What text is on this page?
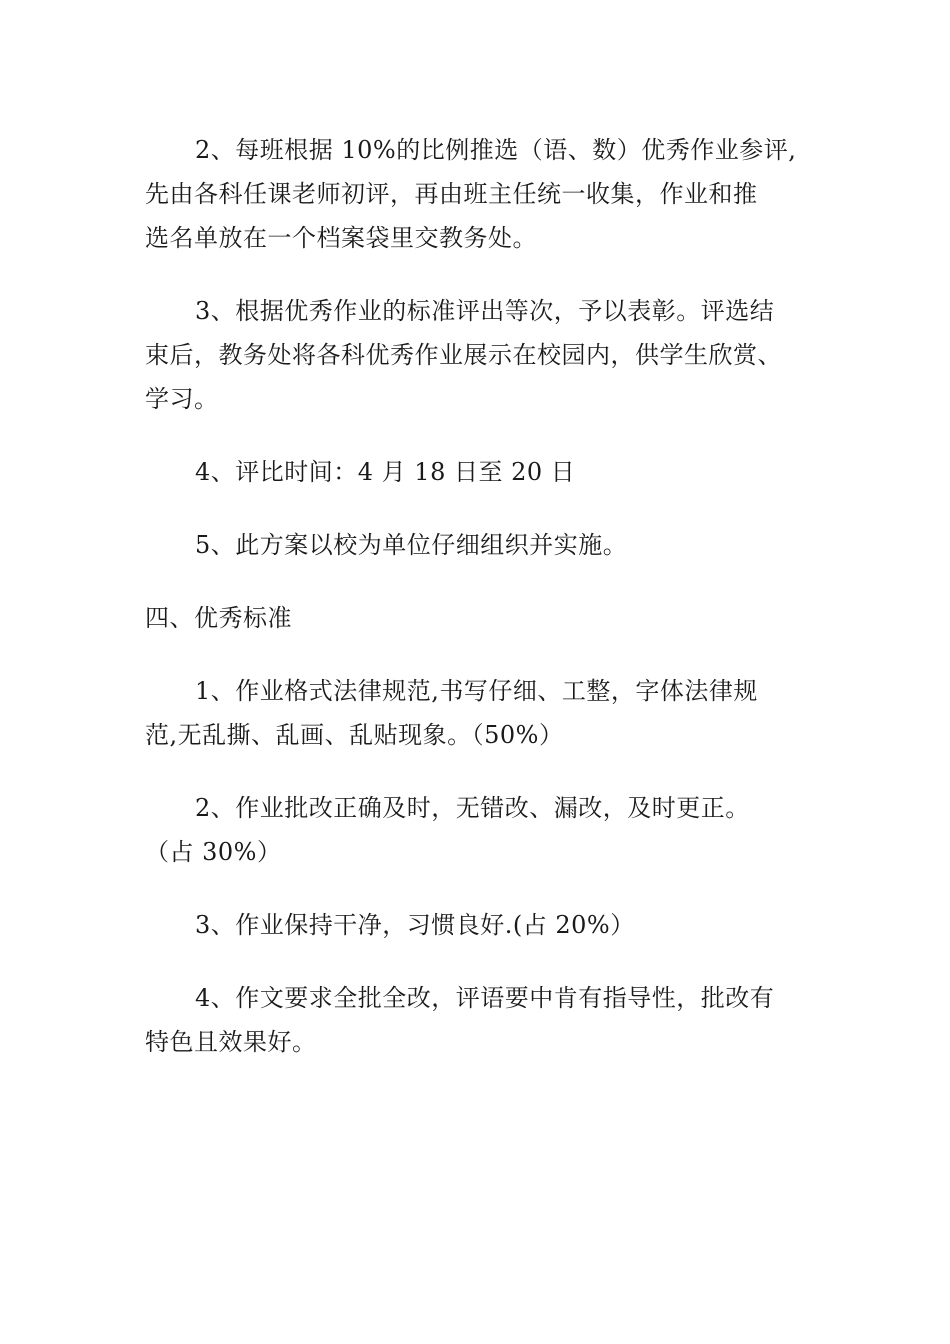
2、每班根据 10%的比例推选（语、数）优秀作业参评,
先由各科任课老师初评，再由班主任统一收集，作业和推
选名单放在一个档案袋里交教务处。
3、根据优秀作业的标准评出等次，予以表彰。评选结
束后，教务处将各科优秀作业展示在校园内，供学生欣赏、
学习。
4、评比时间：4 月 18 日至 20 日
5、此方案以校为单位仔细组织并实施。
四、优秀标准
1、作业格式法律规范,书写仔细、工整，字体法律规
范,无乱撕、乱画、乱贴现象。（50%）
2、作业批改正确及时，无错改、漏改，及时更正。
（占 30%）
3、作业保持干净，习惯良好.(占 20%）
4、作文要求全批全改，评语要中肯有指导性，批改有
特色且效果好。
